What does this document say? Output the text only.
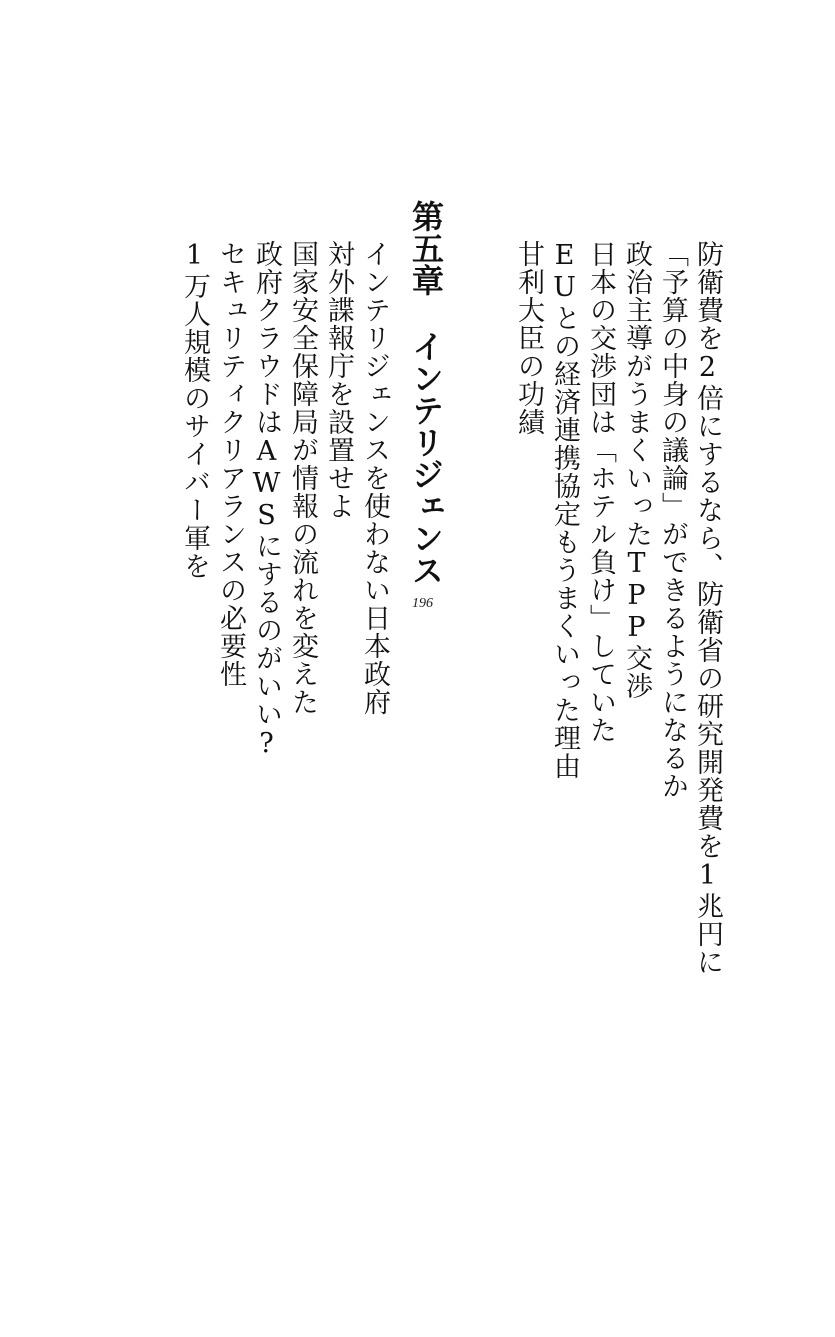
防衛費を2倍にするなら、防衛省の研究開発費を1兆円に
「予算の中身の議論」ができるようになるか
政治主導がうまくいったTPP交渉
日本の交渉団は「ホテル負け」していた
EUとの経済連携協定もうまくいった理由
甘利大臣の功績
第五章インテリジェンス
196
インテリジェンスを使わない日本政府
対外諜報庁を設置せよ
国家安全保障局が情報の流れを変えた
政府クラウドはAWSにするのがいい?
セキュリティクリアランスの必要性
1万人規模のサイバー軍を
